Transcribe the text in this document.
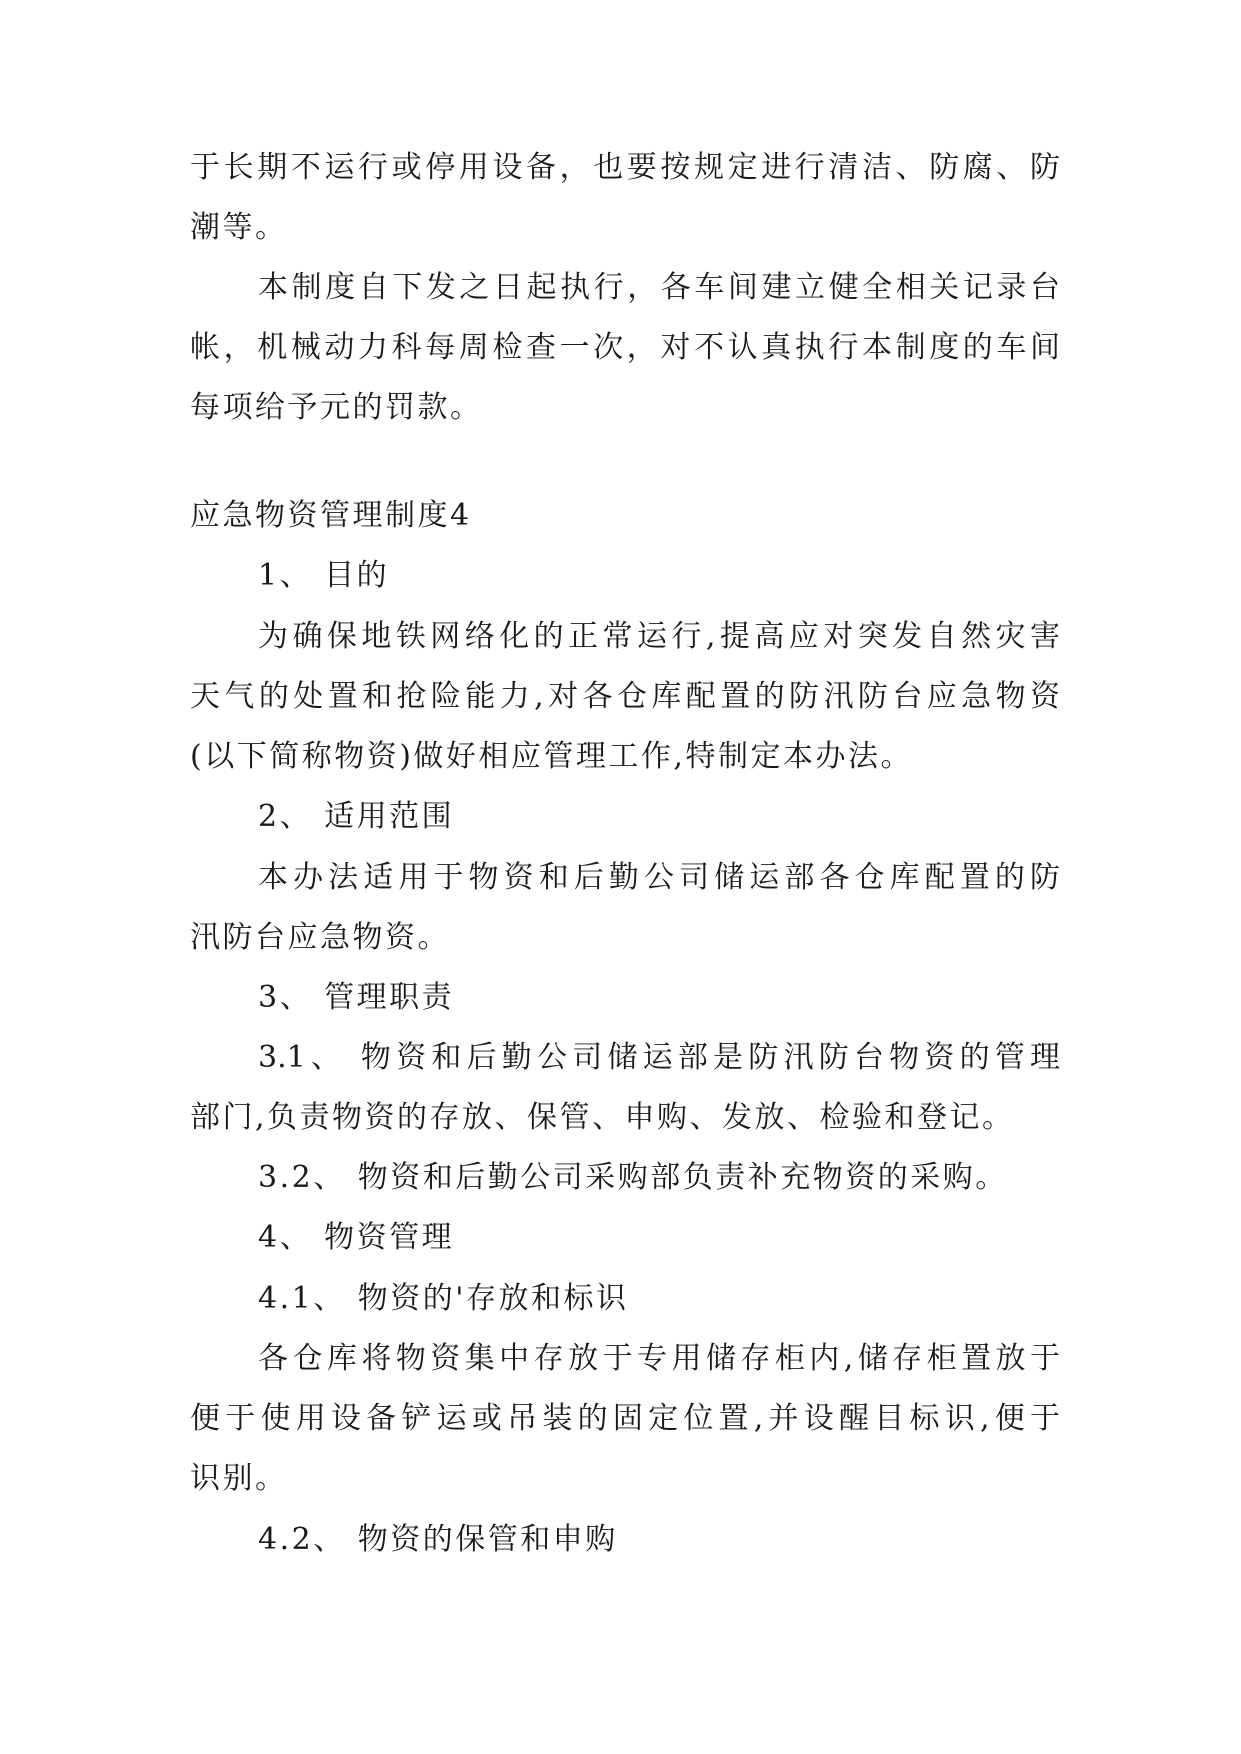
于长期不运行或停用设备，也要按规定进行清洁、防腐、防
潮等。
本制度自下发之日起执行，各车间建立健全相关记录台
帐，机械动力科每周检查一次，对不认真执行本制度的车间
每项给予元的罚款。
应急物资管理制度4
1、 目的
为确保地铁网络化的正常运行,提高应对突发自然灾害
天气的处置和抢险能力,对各仓库配置的防汛防台应急物资
(以下简称物资)做好相应管理工作,特制定本办法。
2、 适用范围
本办法适用于物资和后勤公司储运部各仓库配置的防
汛防台应急物资。
3、 管理职责
3.1、 物资和后勤公司储运部是防汛防台物资的管理
部门,负责物资的存放、保管、申购、发放、检验和登记。
3.2、 物资和后勤公司采购部负责补充物资的采购。
4、 物资管理
4.1、 物资的'存放和标识
各仓库将物资集中存放于专用储存柜内,储存柜置放于
便于使用设备铲运或吊装的固定位置,并设醒目标识,便于
识别。
4.2、 物资的保管和申购
